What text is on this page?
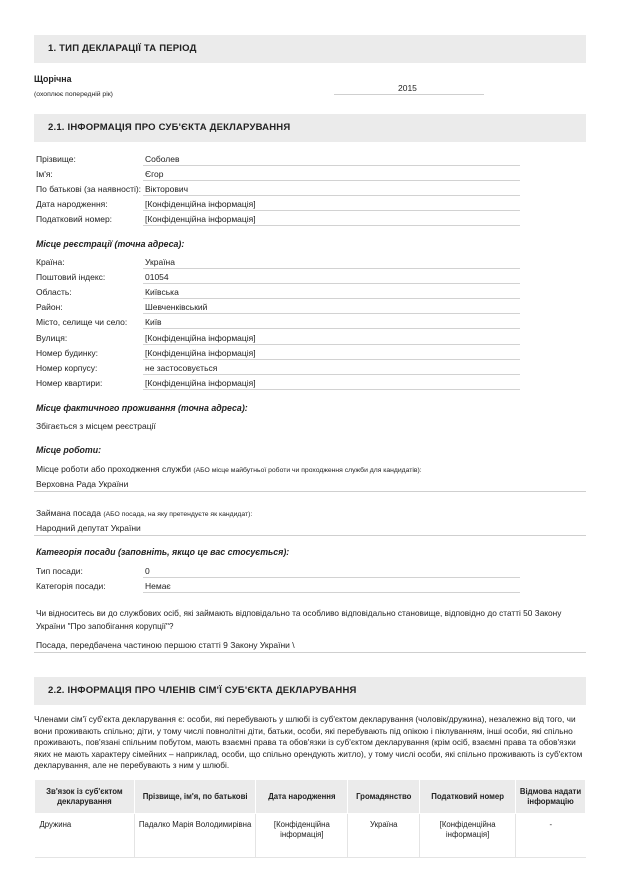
1. ТИП ДЕКЛАРАЦІЇ ТА ПЕРІОД
Щорічна
(охоплює попередній рік)
2015
2.1. ІНФОРМАЦІЯ ПРО СУБ'ЄКТА ДЕКЛАРУВАННЯ
Прізвище:	Соболев
Ім'я:	Єгор
По батькові (за наявності): Вікторович
Дата народження:	[Конфіденційна інформація]
Податковий номер:	[Конфіденційна інформація]
Місце реєстрації (точна адреса):
Країна:	Україна
Поштовий індекс:	01054
Область:	Київська
Район:	Шевченківський
Місто, селище чи село: Київ
Вулиця:	[Конфіденційна інформація]
Номер будинку:	[Конфіденційна інформація]
Номер корпусу:	не застосовується
Номер квартири:	[Конфіденційна інформація]
Місце фактичного проживання (точна адреса):
Збігається з місцем реєстрації
Місце роботи:
Місце роботи або проходження служби (АБО місце майбутньої роботи чи проходження служби для кандидатів):
Верховна Рада України
Займана посада (АБО посада, на яку претендуєте як кандидат):
Народний депутат України
Категорія посади (заповніть, якщо це вас стосується):
Тип посади:	0
Категорія посади:	Немає
Чи відноситесь ви до службових осіб, які займають відповідально та особливо відповідально становище, відповідно до статті 50 Закону України "Про запобігання корупції"?
Посада, передбачена частиною першою статті 9 Закону України \
2.2. ІНФОРМАЦІЯ ПРО ЧЛЕНІВ СІМ'Ї СУБ'ЄКТА ДЕКЛАРУВАННЯ
Членами сім'ї суб'єкта декларування є: особи, які перебувають у шлюбі із суб'єктом декларування (чоловік/дружина), незалежно від того, чи вони проживають спільно; діти, у тому числі повнолітні діти, батьки, особи, які перебувають під опікою і піклуванням, інші особи, які спільно проживають, пов'язані спільним побутом, мають взаємні права та обов'язки із суб'єктом декларування (крім осіб, взаємні права та обов'язки яких не мають характеру сімейних – наприклад, особи, що спільно орендують житло), у тому числі особи, які спільно проживають із суб'єктом декларування, але не перебувають з ним у шлюбі.
Зв'язок із суб'єктом декларування	Прізвище, ім'я, по батькові	Дата народження	Громадянство	Податковий номер	Відмова надати інформацію
Дружина	Падалко Марія Володимирівна	[Конфіденційна інформація]	Україна	[Конфіденційна інформація]	-
